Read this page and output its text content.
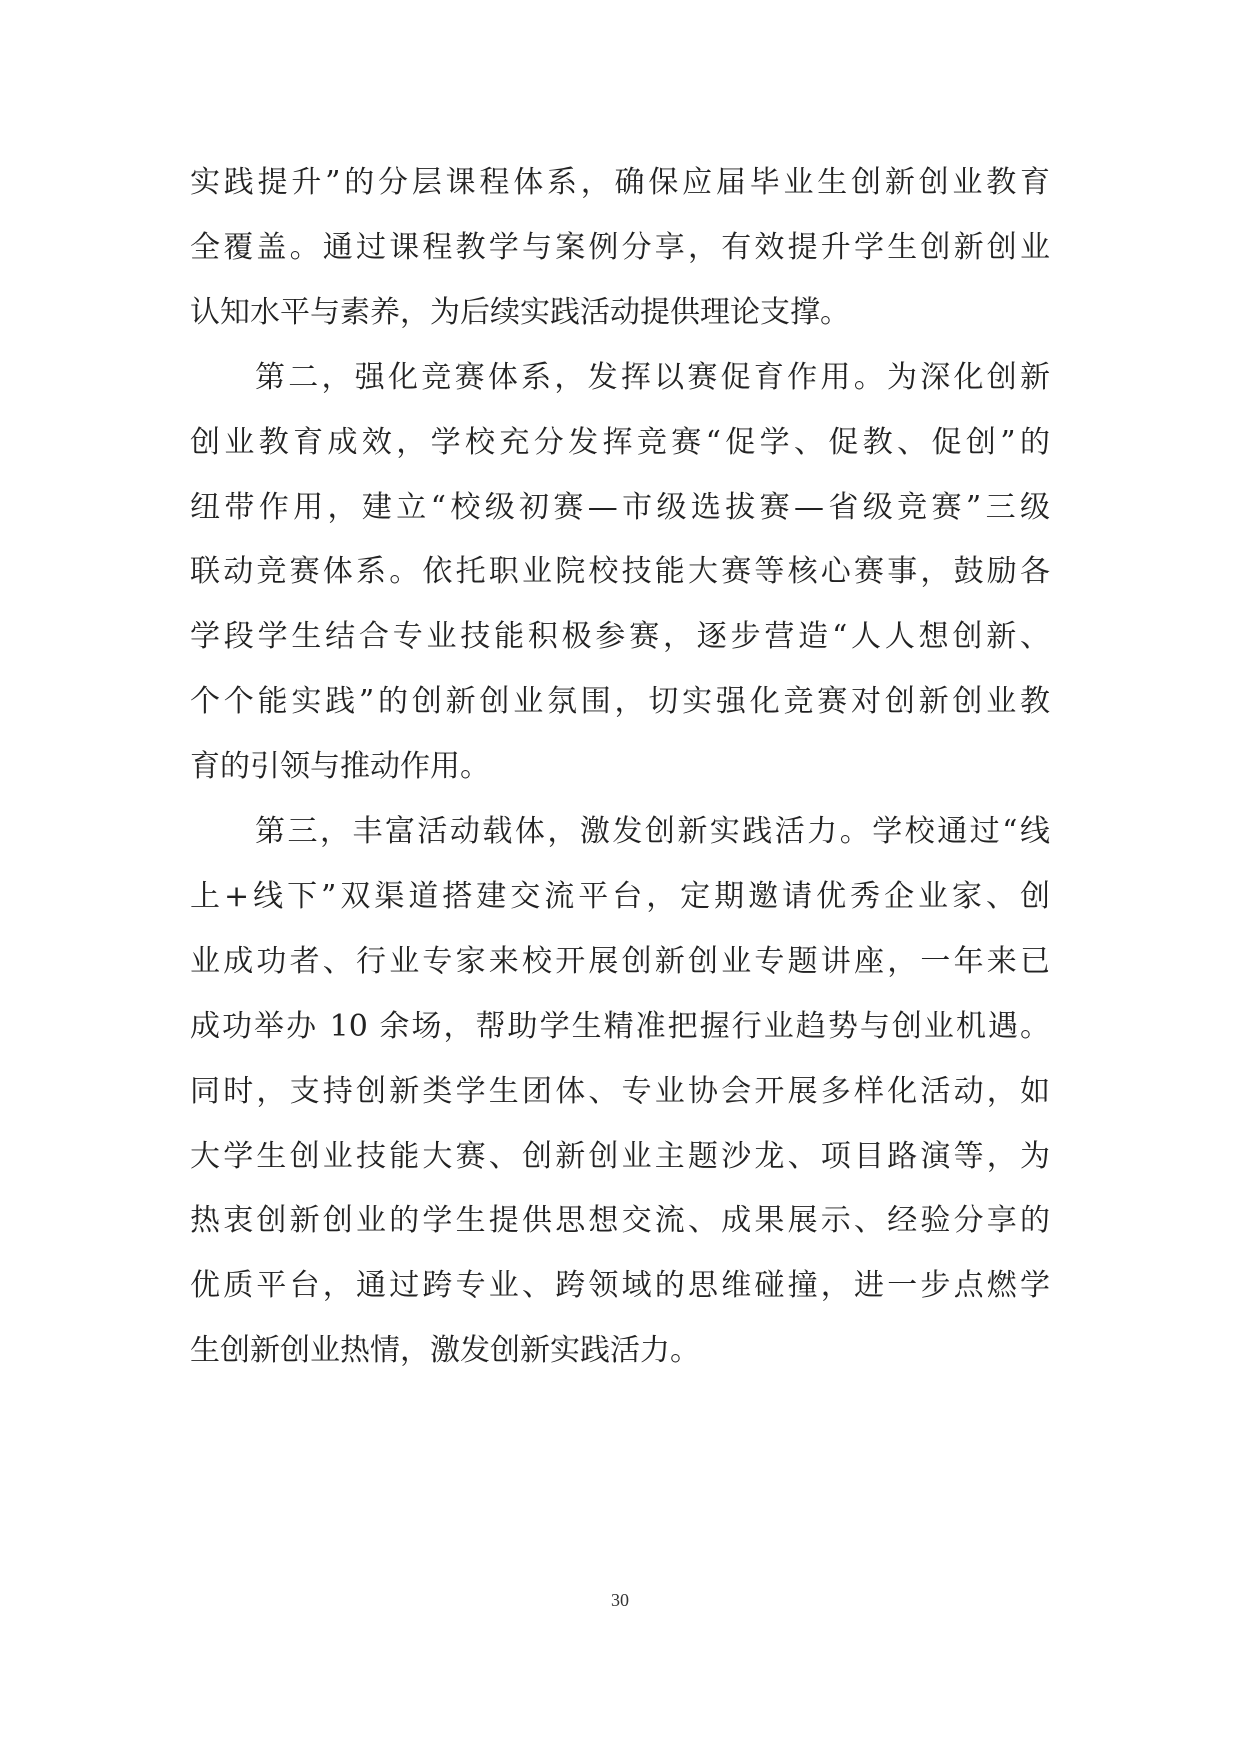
实践提升”的分层课程体系，确保应届毕业生创新创业教育
全覆盖。通过课程教学与案例分享，有效提升学生创新创业
认知水平与素养，为后续实践活动提供理论支撑。
第二，强化竞赛体系，发挥以赛促育作用。为深化创新
创业教育成效，学校充分发挥竞赛“促学、促教、促创”的
纽带作用，建立“校级初赛—市级选拔赛—省级竞赛”三级
联动竞赛体系。依托职业院校技能大赛等核心赛事，鼓励各
学段学生结合专业技能积极参赛，逐步营造“人人想创新、
个个能实践”的创新创业氛围，切实强化竞赛对创新创业教
育的引领与推动作用。
第三，丰富活动载体，激发创新实践活力。学校通过“线
上+线下”双渠道搭建交流平台，定期邀请优秀企业家、创
业成功者、行业专家来校开展创新创业专题讲座，一年来已
成功举办 10 余场，帮助学生精准把握行业趋势与创业机遇。
同时，支持创新类学生团体、专业协会开展多样化活动，如
大学生创业技能大赛、创新创业主题沙龙、项目路演等，为
热衷创新创业的学生提供思想交流、成果展示、经验分享的
优质平台，通过跨专业、跨领域的思维碰撞，进一步点燃学
生创新创业热情，激发创新实践活力。
30
